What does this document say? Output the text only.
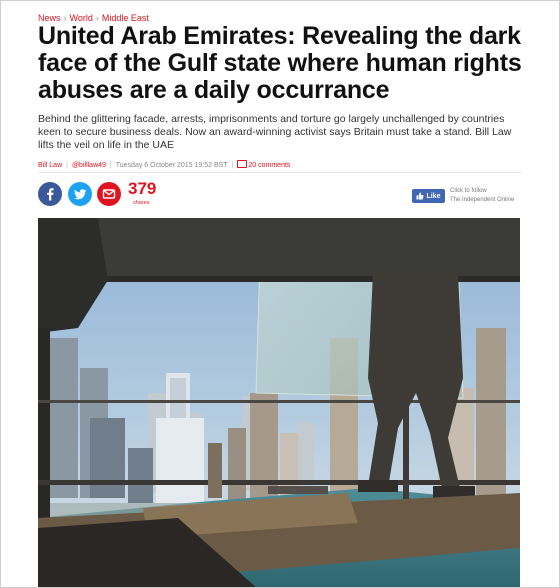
News › World › Middle East
United Arab Emirates: Revealing the dark face of the Gulf state where human rights abuses are a daily occurrance

Behind the glittering facade, arrests, imprisonments and torture go largely unchallenged by countries keen to secure business deals. Now an award-winning activist says Britain must take a stand. Bill Law lifts the veil on life in the UAE

Bill Law | @billlaw49 | Tuesday 6 October 2015 19:52 BST | 20 comments
379
shares
Like
Click to follow
The Independent Online
